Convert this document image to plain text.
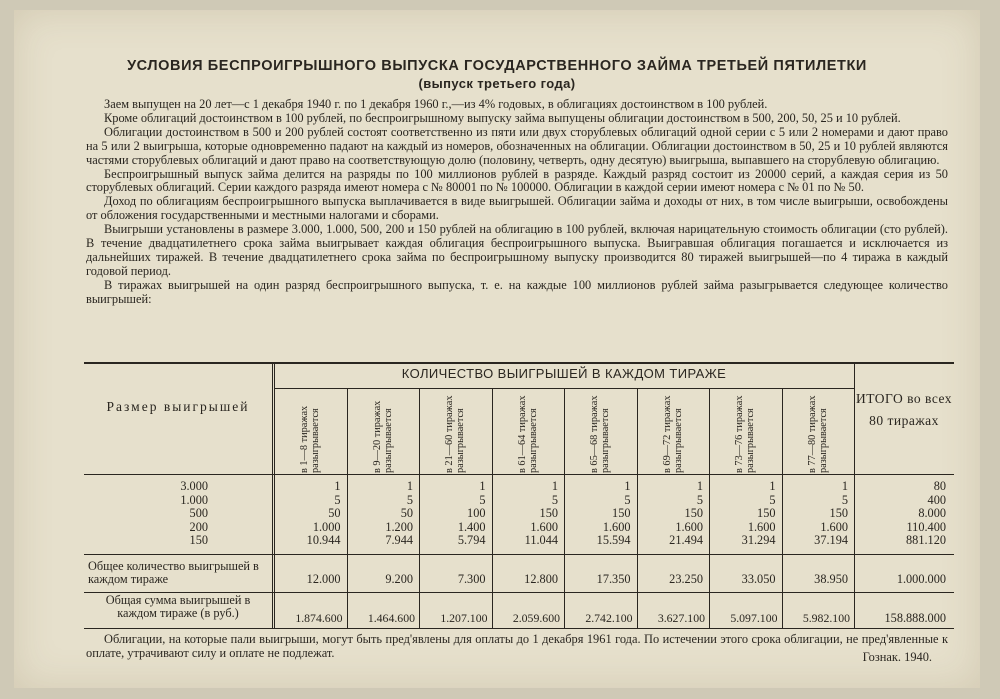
УСЛОВИЯ БЕСПРОИГРЫШНОГО ВЫПУСКА ГОСУДАРСТВЕННОГО ЗАЙМА ТРЕТЬЕЙ ПЯТИЛЕТКИ
(выпуск третьего года)

Заем выпущен на 20 лет—с 1 декабря 1940 г. по 1 декабря 1960 г.,—из 4% годовых, в облигациях достоинством в 100 рублей.

Кроме облигаций достоинством в 100 рублей, по беспроигрышному выпуску займа выпущены облигации достоинством в 500, 200, 50, 25 и 10 рублей.

Облигации достоинством в 500 и 200 рублей состоят соответственно из пяти или двух сторублевых облигаций одной серии с 5 или 2 номерами и дают право на 5 или 2 выигрыша, которые одновременно падают на каждый из номеров, обозначенных на облигации. Облигации достоинством в 50, 25 и 10 рублей являются частями сторублевых облигаций и дают право на соответствующую долю (половину, четверть, одну десятую) выигрыша, выпавшего на сторублевую облигацию.

Беспроигрышный выпуск займа делится на разряды по 100 миллионов рублей в разряде. Каждый разряд состоит из 20000 серий, а каждая серия из 50 сторублевых облигаций. Серии каждого разряда имеют номера с № 80001 по № 100000. Облигации в каждой серии имеют номера с № 01 по № 50.

Доход по облигациям беспроигрышного выпуска выплачивается в виде выигрышей. Облигации займа и доходы от них, в том числе выигрыши, освобождены от обложения государственными и местными налогами и сборами.

Выигрыши установлены в размере 3.000, 1.000, 500, 200 и 150 рублей на облигацию в 100 рублей, включая нарицательную стоимость облигации (сто рублей). В течение двадцатилетнего срока займа выигрывает каждая облигация беспроигрышного выпуска. Выигравшая облигация погашается и исключается из дальнейших тиражей. В течение двадцатилетнего срока займа по беспроигрышному выпуску производится 80 тиражей выигрышей—по 4 тиража в каждый годовой период.

В тиражах выигрышей на один разряд беспроигрышного выпуска, т. е. на каждые 100 миллионов рублей займа разыгрывается следующее количество выигрышей:

Размер выигрышей
КОЛИЧЕСТВО ВЫИГРЫШЕЙ В КАЖДОМ ТИРАЖЕ
ИТОГО во всех 80 тиражах
в 1—8 тиражах разыгрывается	в 9—20 тиражах разыгрывается	в 21—60 тиражах разыгрывается	в 61—64 тиражах разыгрывается	в 65—68 тиражах разыгрывается	в 69—72 тиражах разыгрывается	в 73—76 тиражах разыгрывается	в 77—80 тиражах разыгрывается
3.000	1	1	1	1	1	1	1	1	80
1.000	5	5	5	5	5	5	5	5	400
500	50	50	100	150	150	150	150	150	8.000
200	1.000	1.200	1.400	1.600	1.600	1.600	1.600	1.600	110.400
150	10.944	7.944	5.794	11.044	15.594	21.494	31.294	37.194	881.120
Общее количество выигрышей в каждом тираже	12.000	9.200	7.300	12.800	17.350	23.250	33.050	38.950	1.000.000
Общая сумма выигрышей в каждом тираже (в руб.)	1.874.600	1.464.600	1.207.100	2.059.600	2.742.100	3.627.100	5.097.100	5.982.100	158.888.000

Облигации, на которые пали выигрыши, могут быть пред'явлены для оплаты до 1 декабря 1961 года. По истечении этого срока облигации, не пред'явленные к оплате, утрачивают силу и оплате не подлежат.	Гознак. 1940.
